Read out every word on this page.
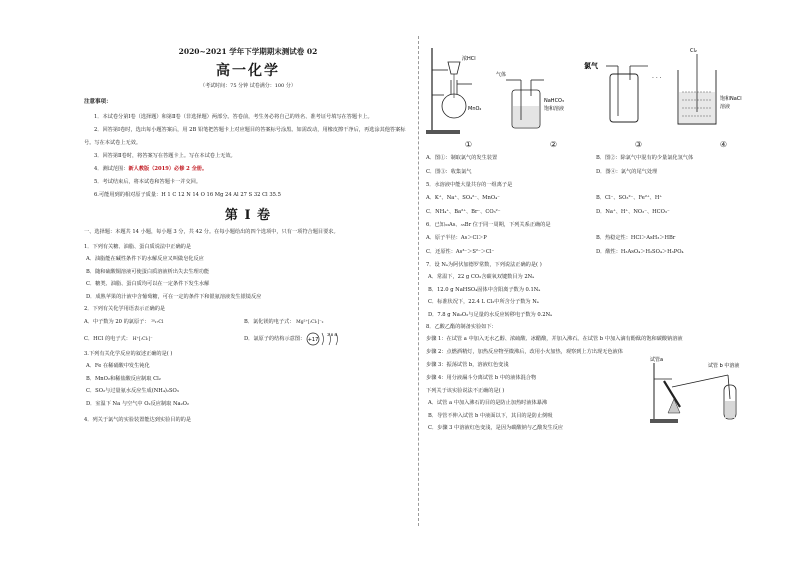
2020~2021 学年下学期期末测试卷 02
高一化学
（考试时间：75 分钟 试卷满分：100 分）
注意事项：
1．本试卷分第Ⅰ卷（选择题）和第Ⅱ卷（非选择题）两部分。答卷前，考生务必将自己的姓名、准考证号填写在答题卡上。
2．回答第Ⅰ卷时，选出每小题答案后，用 2B 铅笔把答题卡上对应题目的答案标号涂黑。如需改动，用橡皮擦干净后，再选涂其他答案标号。写在本试卷上无效。
3．回答第Ⅱ卷时，将答案写在答题卡上。写在本试卷上无效。
4．测试范围：新人教版（2019）必修 2 全册。
5．考试结束后，将本试卷和答题卡一并交回。
6.可能用到的相对原子质量：H 1 C 12 N 14 O 16 Mg 24 Al 27 S 32 Cl 35.5
第 Ⅰ 卷
一、选择题：本题共 14 小题，每小题 3 分，共 42 分。在每小题给出的四个选项中，只有一项符合题目要求。
1．下列有关糖、油脂、蛋白质说法中正确的是
A．油脂能在碱性条件下的水解反应又叫做皂化反应
B．随和硫酸铜溶液可使蛋白质溶液析出失去生理功能
C．糖类、油脂、蛋白质均可以在一定条件下发生水解
D．成熟苹果的汁液中含葡萄糖，可在一定的条件下和银氨溶液发生银镜反应
2．下列有关化学用语表示正确的是
A．中子数为 20 的氯原子： ²⁰₁₇Cl	B．氯化镁的电子式： Mg²⁺[:Cl:]⁻₂
C．HCl 的电子式： H⁺[:Cl:]⁻	D．氯原子的结构示意图： +17
2 8 8
3.下列有关化学反应的叙述正确的是( )
A．Fe 在稀硝酸中发生钝化
B．MnO₂和稀盐酸反应制取 Cl₂
C．SO₂与过量氨水反应生成(NH₄)₂SO₃
D．室温下 Na 与空气中 O₂反应制取 Na₂O₂
4．列关于氯气的实验装置能达到实验目的的是
浓HCl
MnO₂
气体
NaHCO₃
饱和溶液
氯气
· · ·
Cl₂
饱和NaCl
溶液
①	②	③	④
A．图①：制取氯气的发生装置	B．图②：除氯气中混有的少量氯化氢气体
C．图③：收集氯气	D．图④：氯气的尾气处理
5．水溶液中能大量共存的一组离子是
A．K⁺、Na⁺、SO₄²⁻、MnO₄⁻	B．Cl⁻、SO₃²⁻、Fe²⁺、H⁺
C．NH₄⁺、Ba²⁺、Br⁻、CO₃²⁻	D．Na⁺、H⁺、NO₃⁻、HCO₃⁻
6．已知₃₃As、₃₅Br 位于同一周期，下列关系正确的是
A．原子半径：As＞Cl＞P	B．热稳定性：HCl＞AsH₃＞HBr
C．还原性：As³⁻＞S²⁻＞Cl⁻	D．酸性：H₃AsO₄＞H₂SO₄＞H₃PO₄
7．设 Nₐ为阿伏加德罗常数，下列说法正确的是( )
A．常温下，22 g CO₂含碳氧双键数目为 2Nₐ
B．12.0 g NaHSO₄固体中含阳离子数为 0.1Nₐ
C．标准状况下，22.4 L Cl₂中所含分子数为 Nₐ
D．7.8 g Na₂O₂与足量的水反应转移电子数为 0.2Nₐ
8．乙酸乙酯的制备实验如下：
步骤 1：在试管 a 中加入无水乙醇、浓硫酸、冰醋酸，并加入沸石。在试管 b 中加入滴有酚酞的饱和碳酸钠溶液
步骤 2：点燃酒精灯，加热反应物至微沸后，改用小火加热，观察到上方出现无色液体
步骤 3：振荡试管 b，溶液红色变浅
步骤 4：用分液漏斗分离试管 b 中的液体混合物
试管a
试管 b 中溶液
下列关于该实验说法不正确的是( )
A．试管 a 中加入沸石的目的是防止加热时液体暴沸
B．导管不伸入试管 b 中液面以下，其目的是防止倒吸
C．步骤 3 中溶液红色变浅，是因为碳酸钠与乙酸发生反应
